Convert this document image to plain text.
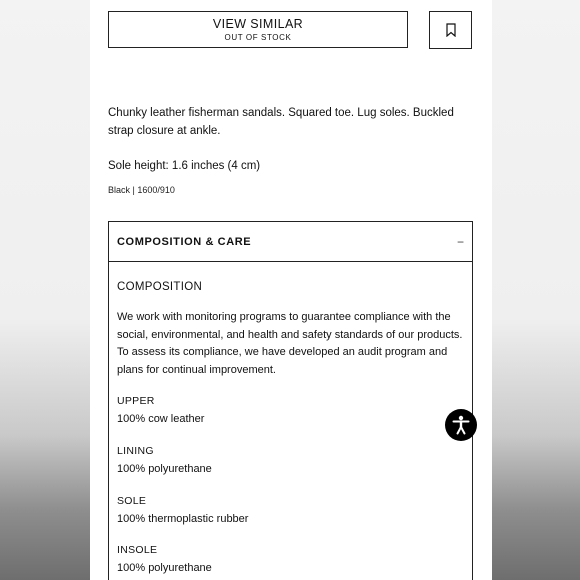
VIEW SIMILAR
OUT OF STOCK
Chunky leather fisherman sandals. Squared toe. Lug soles. Buckled strap closure at ankle.
Sole height: 1.6 inches (4 cm)
Black | 1600/910
COMPOSITION & CARE	−
COMPOSITION
We work with monitoring programs to guarantee compliance with the social, environmental, and health and safety standards of our products. To assess its compliance, we have developed an audit program and plans for continual improvement.
UPPER
100% cow leather
LINING
100% polyurethane
SOLE
100% thermoplastic rubber
INSOLE
100% polyurethane
